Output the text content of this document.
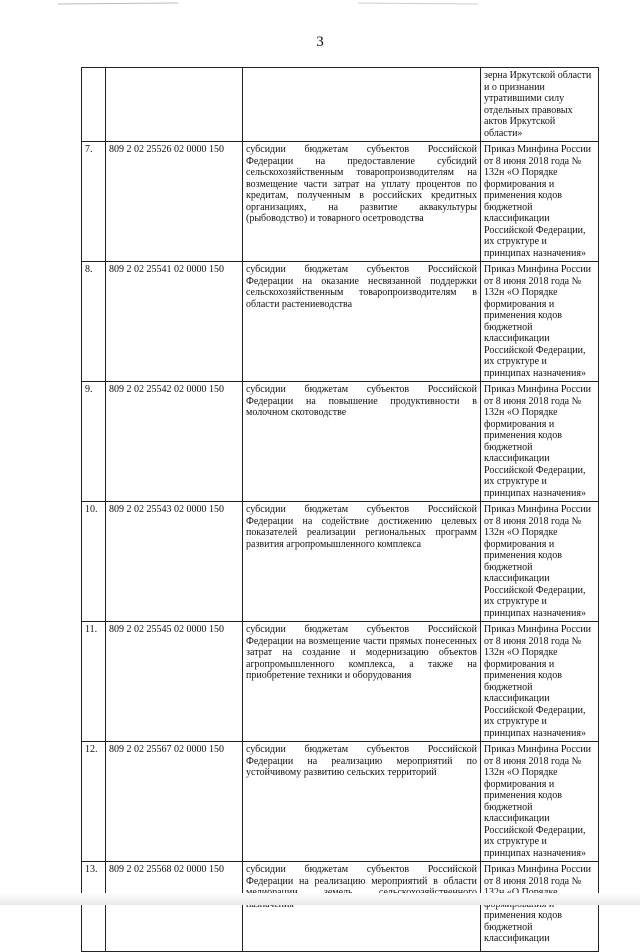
3
			зерна Иркутской области и о признании утратившими силу отдельных правовых актов Иркутской области»
7.	809 2 02 25526 02 0000 150	субсидии бюджетам субъектов Российской Федерации на предоставление субсидий сельскохозяйственным товаропроизводителям на возмещение части затрат на уплату процентов по кредитам, полученным в российских кредитных организациях, на развитие аквакультуры (рыбоводство) и товарного осетроводства	Приказ Минфина России от 8 июня 2018 года № 132н «О Порядке формирования и применения кодов бюджетной классификации Российской Федерации, их структуре и принципах назначения»
8.	809 2 02 25541 02 0000 150	субсидии бюджетам субъектов Российской Федерации на оказание несвязанной поддержки сельскохозяйственным товаропроизводителям в области растениеводства	Приказ Минфина России от 8 июня 2018 года № 132н «О Порядке формирования и применения кодов бюджетной классификации Российской Федерации, их структуре и принципах назначения»
9.	809 2 02 25542 02 0000 150	субсидии бюджетам субъектов Российской Федерации на повышение продуктивности в молочном скотоводстве	Приказ Минфина России от 8 июня 2018 года № 132н «О Порядке формирования и применения кодов бюджетной классификации Российской Федерации, их структуре и принципах назначения»
10.	809 2 02 25543 02 0000 150	субсидии бюджетам субъектов Российской Федерации на содействие достижению целевых показателей реализации региональных программ развития агропромышленного комплекса	Приказ Минфина России от 8 июня 2018 года № 132н «О Порядке формирования и применения кодов бюджетной классификации Российской Федерации, их структуре и принципах назначения»
11.	809 2 02 25545 02 0000 150	субсидии бюджетам субъектов Российской Федерации на возмещение части прямых понесенных затрат на создание и модернизацию объектов агропромышленного комплекса, а также на приобретение техники и оборудования	Приказ Минфина России от 8 июня 2018 года № 132н «О Порядке формирования и применения кодов бюджетной классификации Российской Федерации, их структуре и принципах назначения»
12.	809 2 02 25567 02 0000 150	субсидии бюджетам субъектов Российской Федерации на реализацию мероприятий по устойчивому развитию сельских территорий	Приказ Минфина России от 8 июня 2018 года № 132н «О Порядке формирования и применения кодов бюджетной классификации Российской Федерации, их структуре и принципах назначения»
13.	809 2 02 25568 02 0000 150	субсидии бюджетам субъектов Российской Федерации на реализацию мероприятий в области	Приказ Минфина России от 8 июня 2018 года № применения кодов бюджетной классификации
